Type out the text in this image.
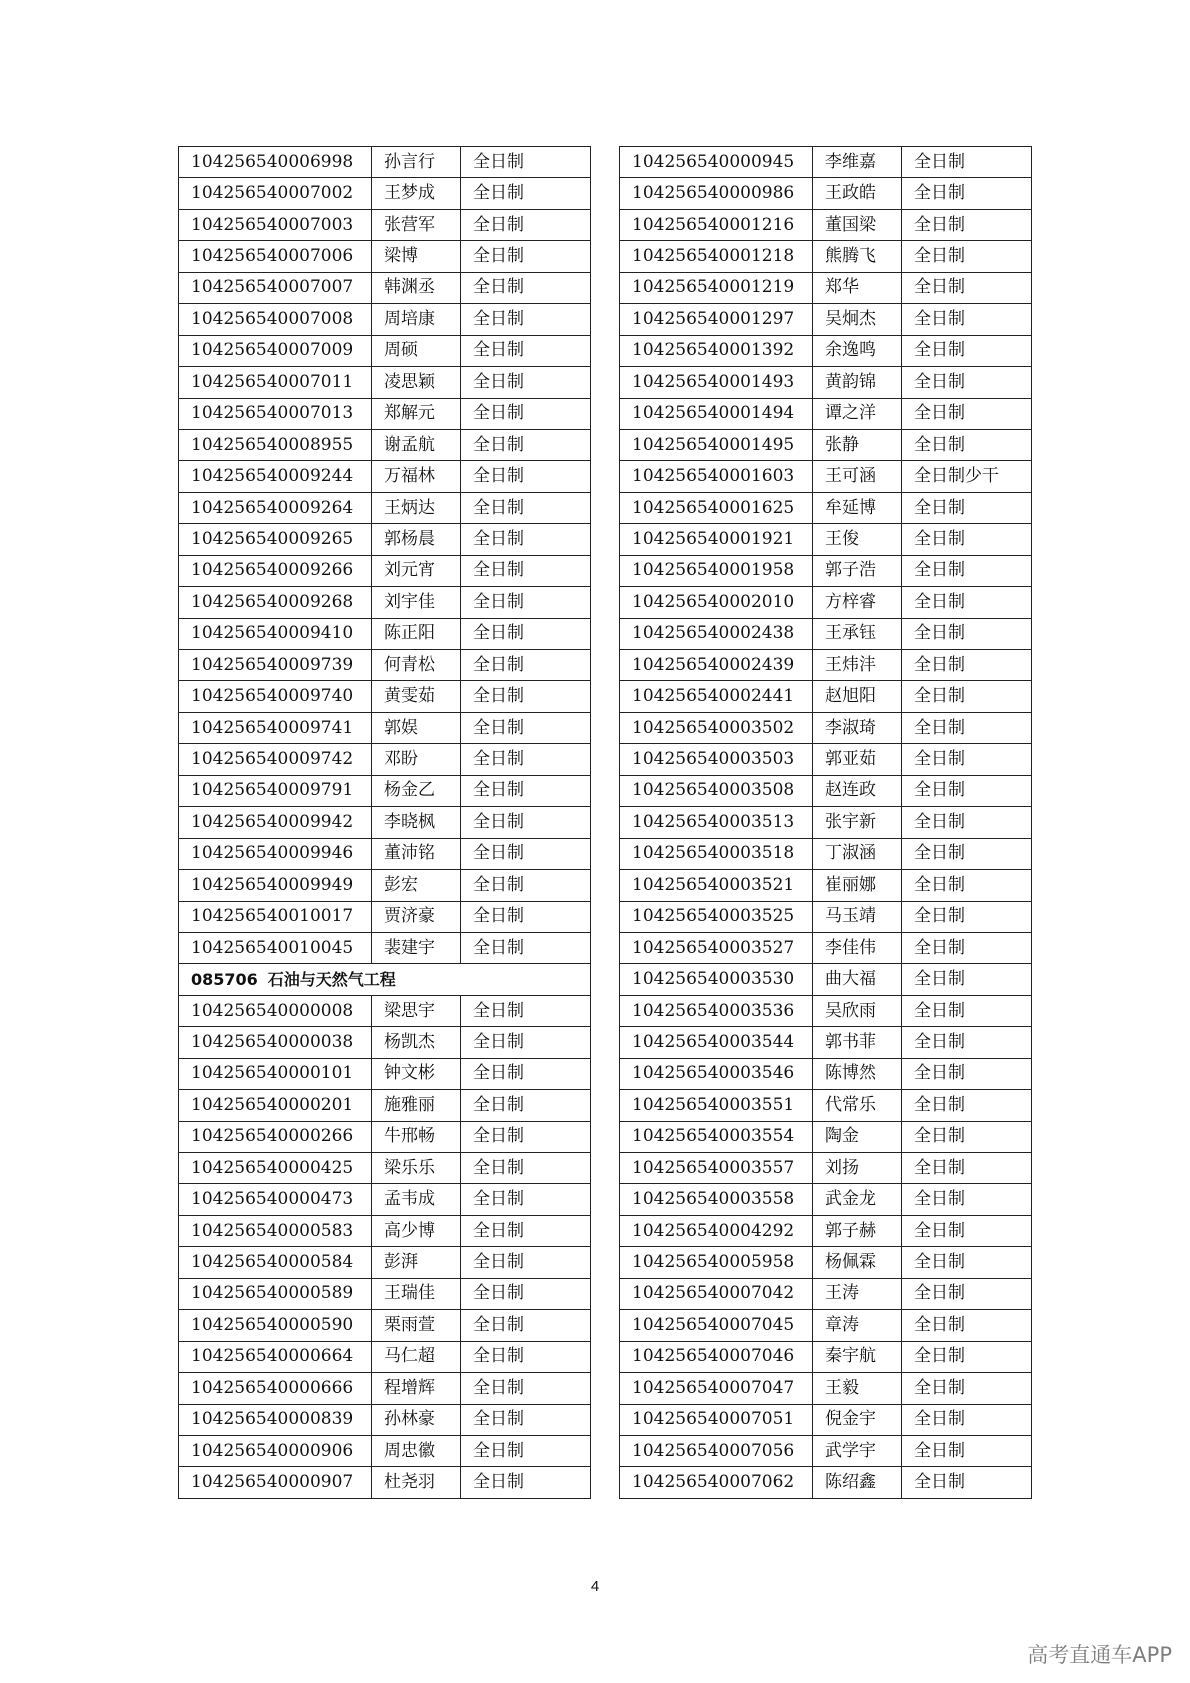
104256540006998	孙言行	全日制
104256540007002	王梦成	全日制
104256540007003	张营军	全日制
104256540007006	梁博	全日制
104256540007007	韩渊丞	全日制
104256540007008	周培康	全日制
104256540007009	周硕	全日制
104256540007011	凌思颖	全日制
104256540007013	郑解元	全日制
104256540008955	谢孟航	全日制
104256540009244	万福林	全日制
104256540009264	王炳达	全日制
104256540009265	郭杨晨	全日制
104256540009266	刘元宵	全日制
104256540009268	刘宇佳	全日制
104256540009410	陈正阳	全日制
104256540009739	何青松	全日制
104256540009740	黄雯茹	全日制
104256540009741	郭娱	全日制
104256540009742	邓盼	全日制
104256540009791	杨金乙	全日制
104256540009942	李晓枫	全日制
104256540009946	董沛铭	全日制
104256540009949	彭宏	全日制
104256540010017	贾济豪	全日制
104256540010045	裴建宇	全日制
085706 石油与天然气工程		
104256540000008	梁思宇	全日制
104256540000038	杨凯杰	全日制
104256540000101	钟文彬	全日制
104256540000201	施雅丽	全日制
104256540000266	牛邢畅	全日制
104256540000425	梁乐乐	全日制
104256540000473	孟韦成	全日制
104256540000583	高少博	全日制
104256540000584	彭湃	全日制
104256540000589	王瑞佳	全日制
104256540000590	栗雨萱	全日制
104256540000664	马仁超	全日制
104256540000666	程增辉	全日制
104256540000839	孙林豪	全日制
104256540000906	周忠徽	全日制
104256540000907	杜尧羽	全日制
104256540000945	李维嘉	全日制
104256540000986	王政皓	全日制
104256540001216	董国梁	全日制
104256540001218	熊腾飞	全日制
104256540001219	郑华	全日制
104256540001297	吴炯杰	全日制
104256540001392	余逸鸣	全日制
104256540001493	黄韵锦	全日制
104256540001494	谭之洋	全日制
104256540001495	张静	全日制
104256540001603	王可涵	全日制少干
104256540001625	牟延博	全日制
104256540001921	王俊	全日制
104256540001958	郭子浩	全日制
104256540002010	方梓睿	全日制
104256540002438	王承钰	全日制
104256540002439	王炜沣	全日制
104256540002441	赵旭阳	全日制
104256540003502	李淑琦	全日制
104256540003503	郭亚茹	全日制
104256540003508	赵连政	全日制
104256540003513	张宇新	全日制
104256540003518	丁淑涵	全日制
104256540003521	崔丽娜	全日制
104256540003525	马玉靖	全日制
104256540003527	李佳伟	全日制
104256540003530	曲大福	全日制
104256540003536	吴欣雨	全日制
104256540003544	郭书菲	全日制
104256540003546	陈博然	全日制
104256540003551	代常乐	全日制
104256540003554	陶金	全日制
104256540003557	刘扬	全日制
104256540003558	武金龙	全日制
104256540004292	郭子赫	全日制
104256540005958	杨佩霖	全日制
104256540007042	王涛	全日制
104256540007045	章涛	全日制
104256540007046	秦宇航	全日制
104256540007047	王毅	全日制
104256540007051	倪金宇	全日制
104256540007056	武学宇	全日制
104256540007062	陈绍鑫	全日制
4
高考直通车APP
